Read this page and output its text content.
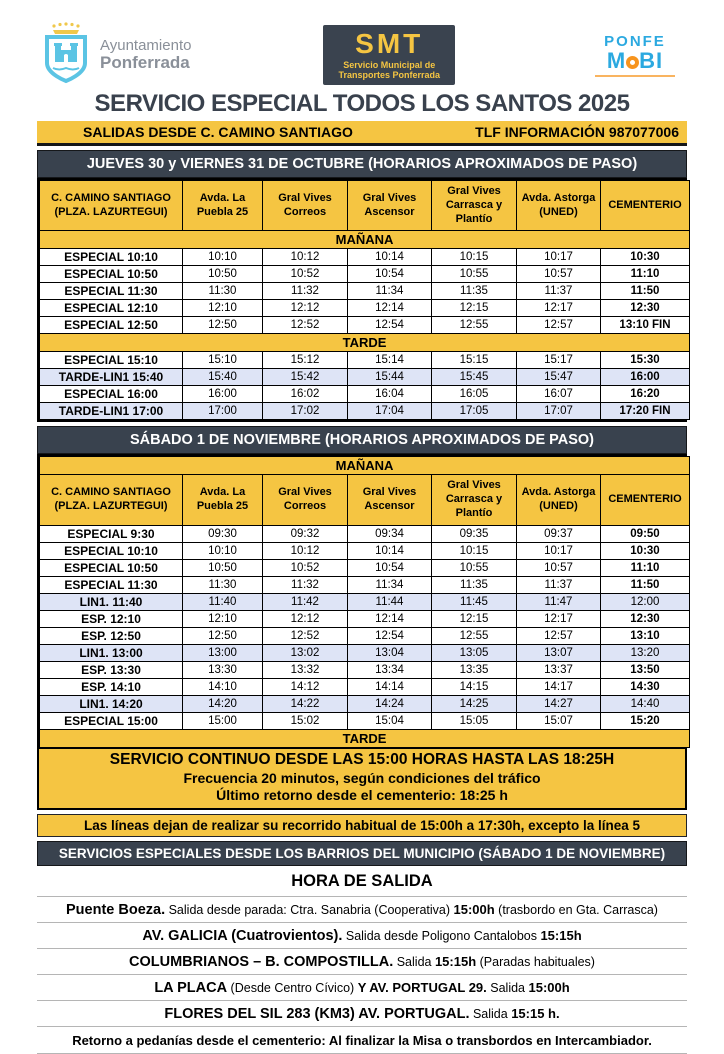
Ayuntamiento
Ponferrada
SMT
Servicio Municipal de
Transportes Ponferrada
PONFE
M BI
SERVICIO ESPECIAL TODOS LOS SANTOS 2025
SALIDAS DESDE C. CAMINO SANTIAGO	TLF INFORMACIÓN 987077006
JUEVES 30 y VIERNES 31 DE OCTUBRE (HORARIOS APROXIMADOS DE PASO)
C. CAMINO SANTIAGO (PLZA. LAZURTEGUI)	Avda. La Puebla 25	Gral Vives Correos	Gral Vives Ascensor	Gral Vives Carrasca y Plantío	Avda. Astorga (UNED)	CEMENTERIO
MAÑANA						
ESPECIAL 10:10	10:10	10:12	10:14	10:15	10:17	10:30
ESPECIAL 10:50	10:50	10:52	10:54	10:55	10:57	11:10
ESPECIAL 11:30	11:30	11:32	11:34	11:35	11:37	11:50
ESPECIAL 12:10	12:10	12:12	12:14	12:15	12:17	12:30
ESPECIAL 12:50	12:50	12:52	12:54	12:55	12:57	13:10 FIN
TARDE						
ESPECIAL 15:10	15:10	15:12	15:14	15:15	15:17	15:30
TARDE-LIN1 15:40	15:40	15:42	15:44	15:45	15:47	16:00
ESPECIAL 16:00	16:00	16:02	16:04	16:05	16:07	16:20
TARDE-LIN1 17:00	17:00	17:02	17:04	17:05	17:07	17:20 FIN
SÁBADO 1 DE NOVIEMBRE (HORARIOS APROXIMADOS DE PASO)
MAÑANA						
C. CAMINO SANTIAGO (PLZA. LAZURTEGUI)	Avda. La Puebla 25	Gral Vives Correos	Gral Vives Ascensor	Gral Vives Carrasca y Plantío	Avda. Astorga (UNED)	CEMENTERIO
ESPECIAL 9:30	09:30	09:32	09:34	09:35	09:37	09:50
ESPECIAL 10:10	10:10	10:12	10:14	10:15	10:17	10:30
ESPECIAL 10:50	10:50	10:52	10:54	10:55	10:57	11:10
ESPECIAL 11:30	11:30	11:32	11:34	11:35	11:37	11:50
LIN1. 11:40	11:40	11:42	11:44	11:45	11:47	12:00
ESP. 12:10	12:10	12:12	12:14	12:15	12:17	12:30
ESP. 12:50	12:50	12:52	12:54	12:55	12:57	13:10
LIN1. 13:00	13:00	13:02	13:04	13:05	13:07	13:20
ESP. 13:30	13:30	13:32	13:34	13:35	13:37	13:50
ESP. 14:10	14:10	14:12	14:14	14:15	14:17	14:30
LIN1. 14:20	14:20	14:22	14:24	14:25	14:27	14:40
ESPECIAL 15:00	15:00	15:02	15:04	15:05	15:07	15:20
TARDE						
SERVICIO CONTINUO DESDE LAS 15:00 HORAS HASTA LAS 18:25H
Frecuencia 20 minutos, según condiciones del tráfico
Último retorno desde el cementerio: 18:25 h
Las líneas dejan de realizar su recorrido habitual de 15:00h a 17:30h, excepto la línea 5
SERVICIOS ESPECIALES DESDE LOS BARRIOS DEL MUNICIPIO (SÁBADO 1 DE NOVIEMBRE)
HORA DE SALIDA
Puente Boeza. Salida desde parada: Ctra. Sanabria (Cooperativa) 15:00h (trasbordo en Gta. Carrasca)
AV. GALICIA (Cuatrovientos). Salida desde Poligono Cantalobos 15:15h
COLUMBRIANOS – B. COMPOSTILLA. Salida 15:15h (Paradas habituales)
LA PLACA (Desde Centro Cívico) Y AV. PORTUGAL 29. Salida 15:00h
FLORES DEL SIL 283 (KM3) AV. PORTUGAL. Salida 15:15 h.
Retorno a pedanías desde el cementerio: Al finalizar la Misa o transbordos en Intercambiador.
